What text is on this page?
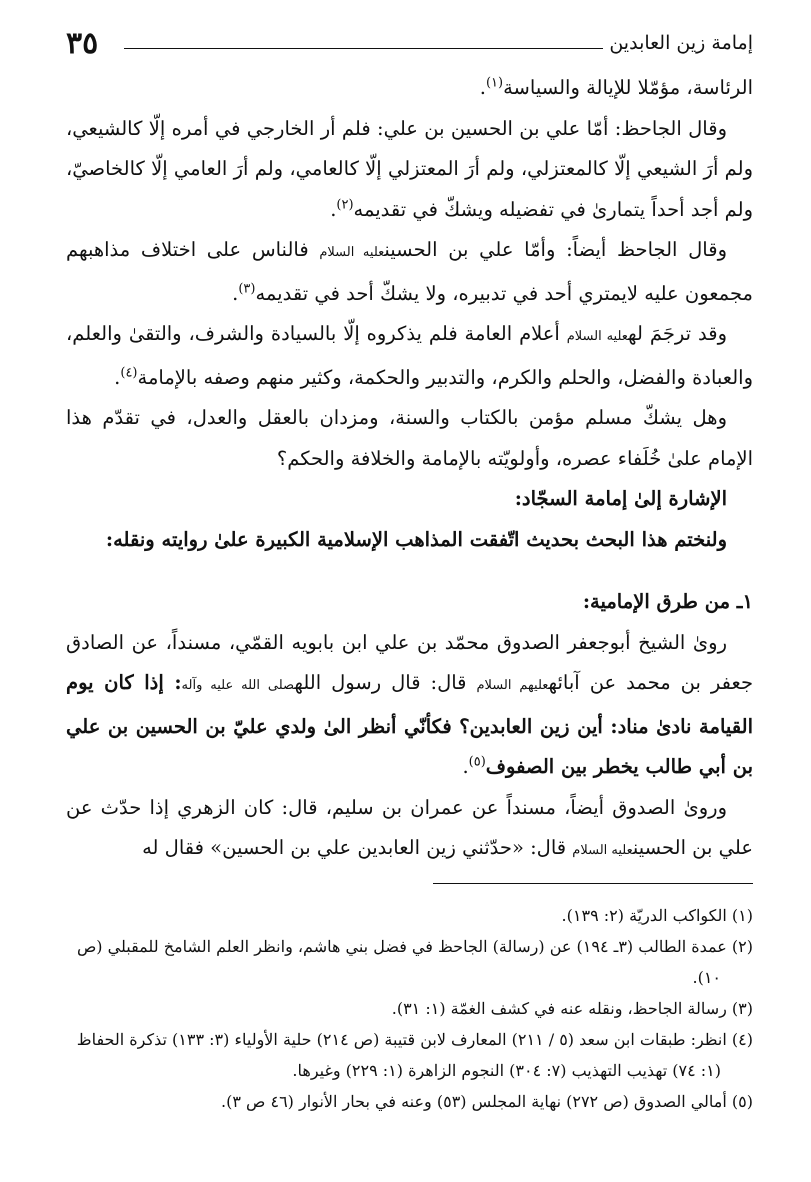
إمامة زين العابدين
٣٥

الرئاسة، مؤمّلا للإيالة والسياسة$^{(١)}$.

وقال الجاحظ: أمّا علي بن الحسين بن علي: فلم أر الخارجي في أمره إلّا كالشيعي، ولم أرَ الشيعي إلّا كالمعتزلي، ولم أرَ المعتزلي إلّا كالعامي، ولم أرَ العامي إلّا كالخاصيّ، ولم أجد أحداً يتمارىٰ في تفضيله ويشكّ في تقديمه$^{(٢)}$.

وقال الجاحظ أيضاً: وأمّا علي بن الحسينعليه السلام فالناس على اختلاف مذاهبهم مجمعون عليه لايمتري أحد في تدبيره، ولا يشكّ أحد في تقديمه$^{(٣)}$.

وقد ترجَمَ لهعليه السلام أعلام العامة فلم يذكروه إلّا بالسيادة والشرف، والتقىٰ والعلم، والعبادة والفضل، والحلم والكرم، والتدبير والحكمة، وكثير منهم وصفه بالإمامة$^{(٤)}$.

وهل يشكّ مسلم مؤمن بالكتاب والسنة، ومزدان بالعقل والعدل، في تقدّم هذا الإمام علىٰ خُلَفاء عصره، وأولويّته بالإمامة والخلافة والحكم؟

الإشارة إلىٰ إمامة السجّاد:

ولنختم هذا البحث بحديث اتّفقت المذاهب الإسلامية الكبيرة علىٰ روايته ونقله:

١ـ من طرق الإمامية:

روىٰ الشيخ أبوجعفر الصدوق محمّد بن علي ابن بابويه القمّي، مسنداً، عن الصادق جعفر بن محمد عن آبائهعليهم السلام قال: قال رسول اللهصلى الله عليه وآله: إذا كان يوم القيامة نادىٰ مناد: أين زين العابدين؟ فكأنّي أنظر الىٰ ولدي عليّ بن الحسين بن علي بن أبي طالب يخطر بين الصفوف$^{(٥)}$.

وروىٰ الصدوق أيضاً، مسنداً عن عمران بن سليم، قال: كان الزهري إذا حدّث عن علي بن الحسينعليه السلام قال: «حدّثني زين العابدين علي بن الحسين» فقال له

(١) الكواكب الدريّة (٢: ١٣٩).

(٢) عمدة الطالب (٣ـ ١٩٤) عن (رسالة) الجاحظ في فضل بني هاشم، وانظر العلم الشامخ للمقبلي (ص ١٠).

(٣) رسالة الجاحظ، ونقله عنه في كشف الغمّة (١: ٣١).

(٤) انظر: طبقات ابن سعد (٥ / ٢١١) المعارف لابن قتيبة (ص ٢١٤) حلية الأولياء (٣: ١٣٣) تذكرة الحفاظ (١: ٧٤) تهذيب التهذيب (٧: ٣٠٤) النجوم الزاهرة (١: ٢٢٩) وغيرها.

(٥) أمالي الصدوق (ص ٢٧٢) نهاية المجلس (٥٣) وعنه في بحار الأنوار (٤٦ ص ٣).
